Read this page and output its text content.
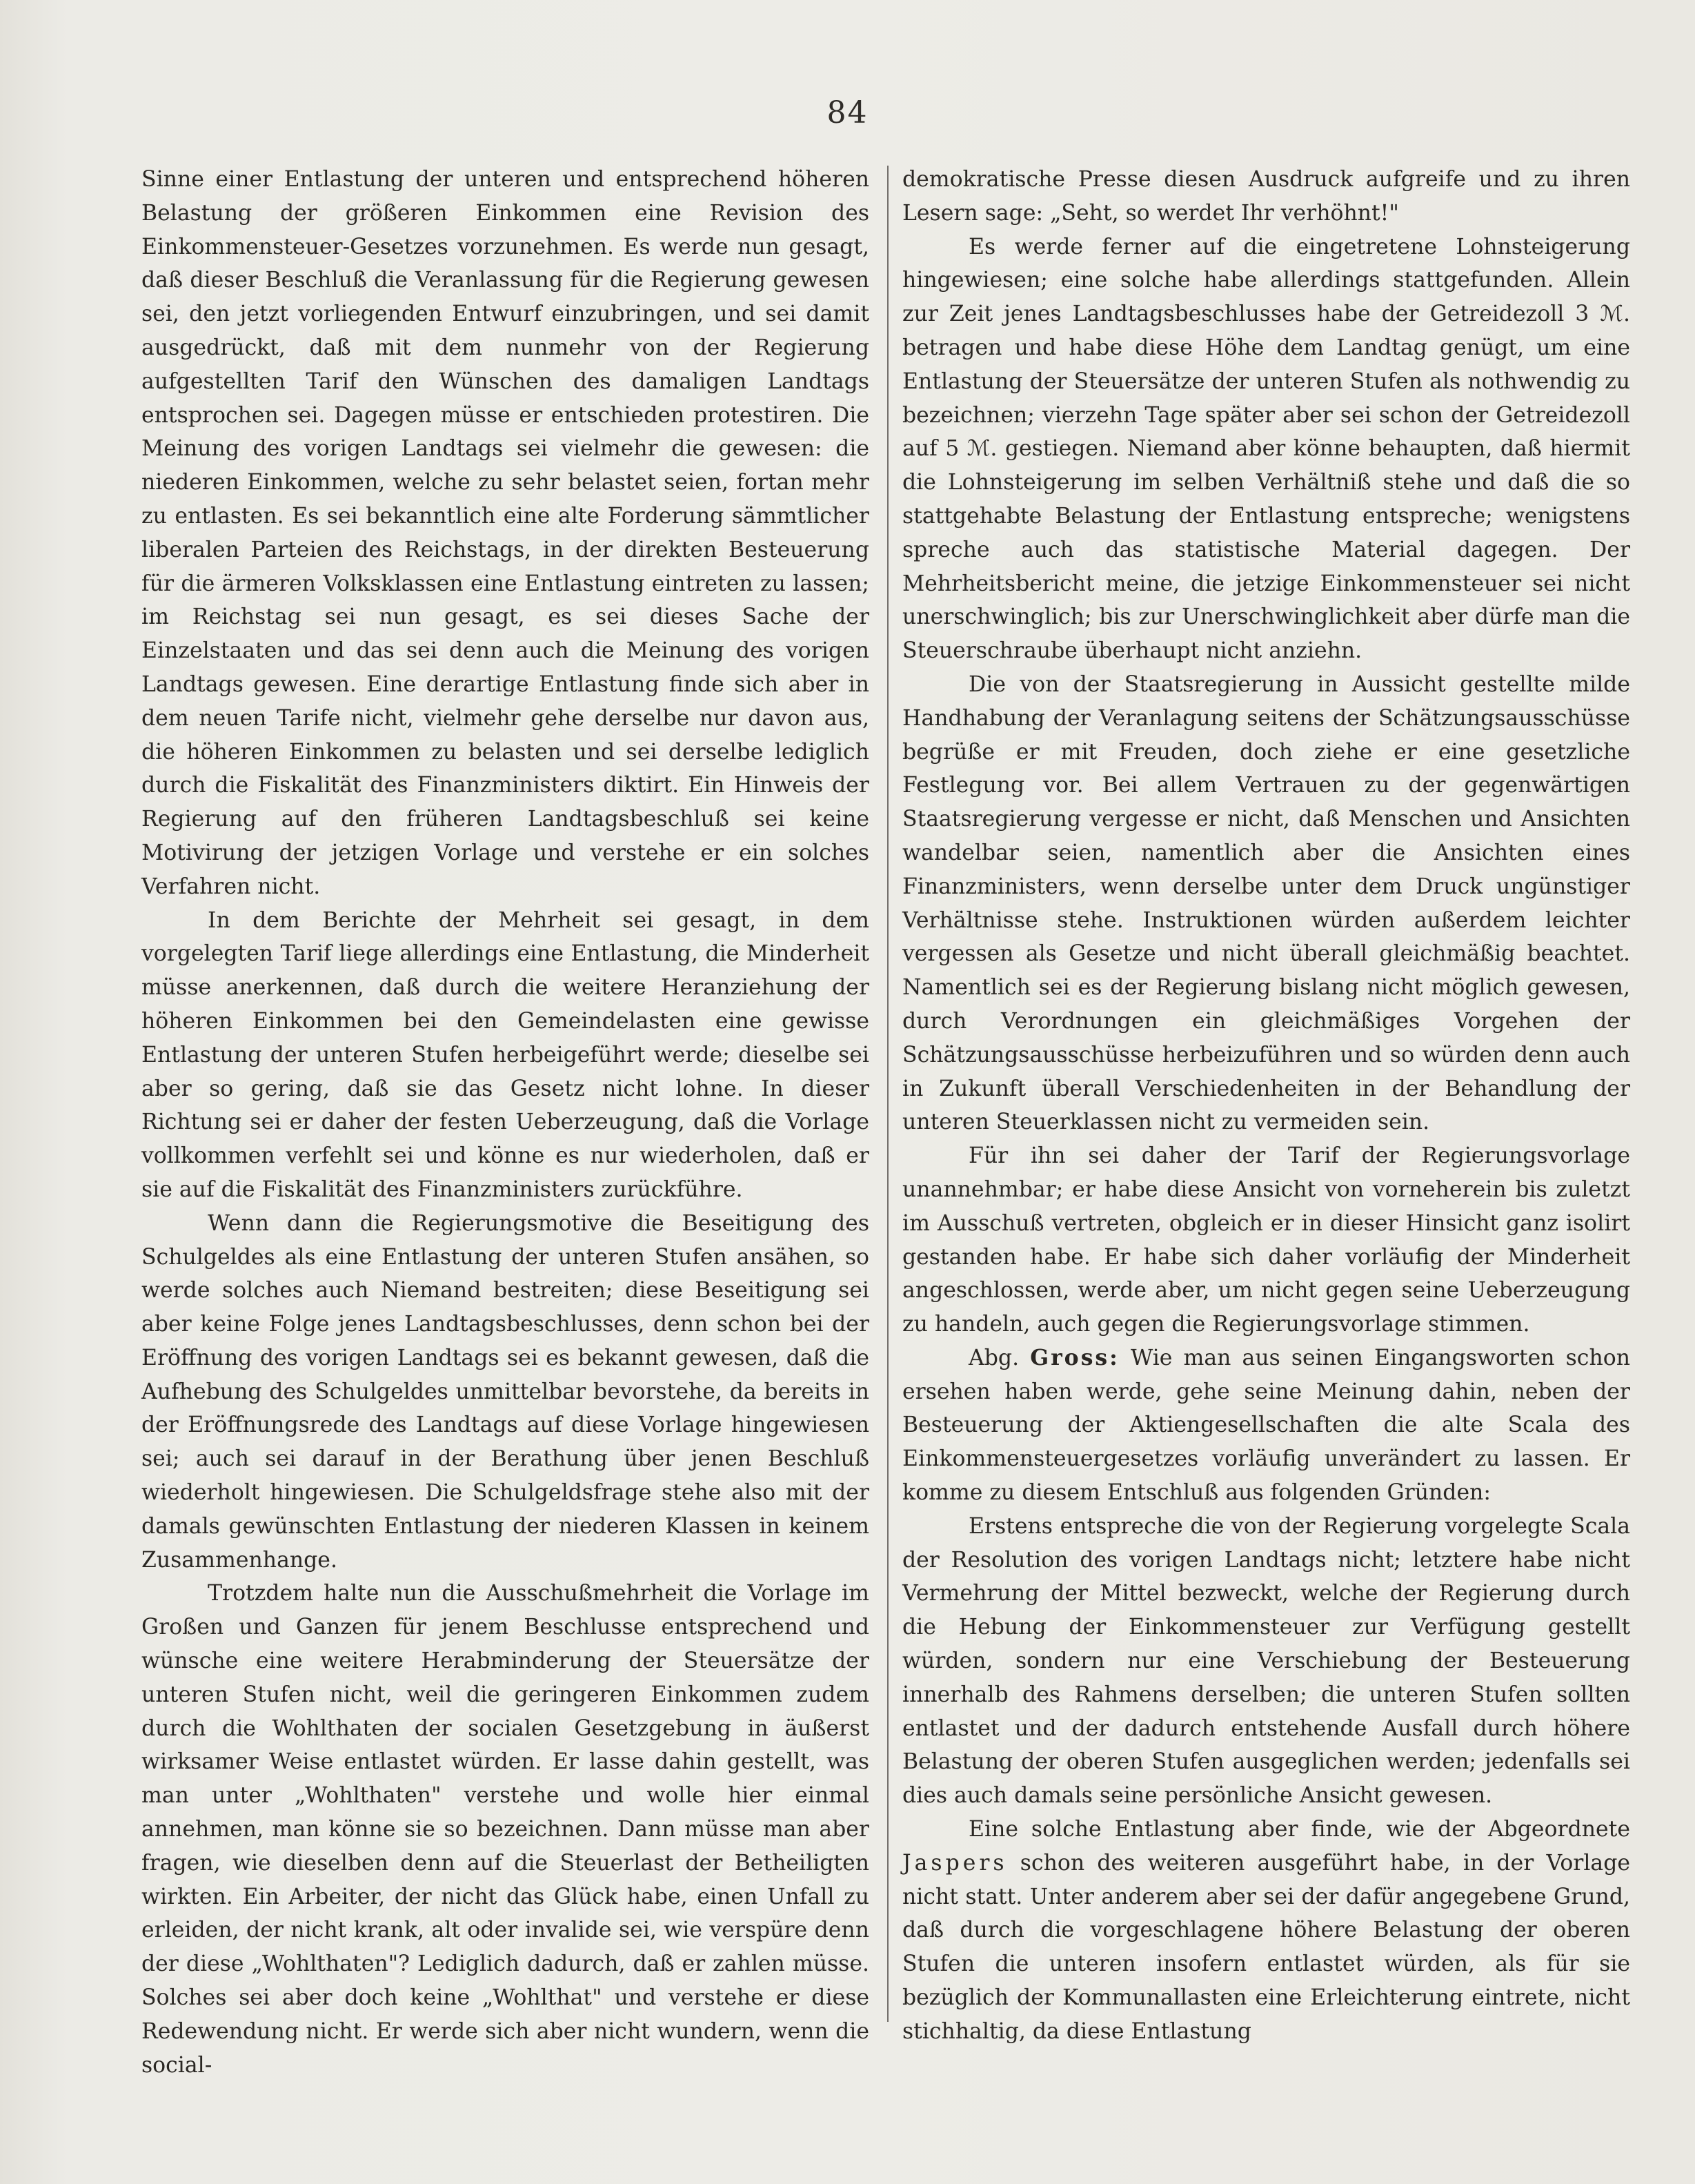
84

Sinne einer Entlastung der unteren und entsprechend höheren Belastung der größeren Einkommen eine Revision des Einkommensteuer-Gesetzes vorzunehmen. Es werde nun gesagt, daß dieser Beschluß die Veranlassung für die Regierung gewesen sei, den jetzt vorliegenden Entwurf einzubringen, und sei damit ausgedrückt, daß mit dem nunmehr von der Regierung aufgestellten Tarif den Wünschen des damaligen Landtags entsprochen sei. Dagegen müsse er entschieden protestiren. Die Meinung des vorigen Landtags sei vielmehr die gewesen: die niederen Einkommen, welche zu sehr belastet seien, fortan mehr zu entlasten. Es sei bekanntlich eine alte Forderung sämmtlicher liberalen Parteien des Reichstags, in der direkten Besteuerung für die ärmeren Volksklassen eine Entlastung eintreten zu lassen; im Reichstag sei nun gesagt, es sei dieses Sache der Einzelstaaten und das sei denn auch die Meinung des vorigen Landtags gewesen. Eine derartige Entlastung finde sich aber in dem neuen Tarife nicht, vielmehr gehe derselbe nur davon aus, die höheren Einkommen zu belasten und sei derselbe lediglich durch die Fiskalität des Finanzministers diktirt. Ein Hinweis der Regierung auf den früheren Landtagsbeschluß sei keine Motivirung der jetzigen Vorlage und verstehe er ein solches Verfahren nicht.

In dem Berichte der Mehrheit sei gesagt, in dem vorgelegten Tarif liege allerdings eine Entlastung, die Minderheit müsse anerkennen, daß durch die weitere Heranziehung der höheren Einkommen bei den Gemeindelasten eine gewisse Entlastung der unteren Stufen herbeigeführt werde; dieselbe sei aber so gering, daß sie das Gesetz nicht lohne. In dieser Richtung sei er daher der festen Ueberzeugung, daß die Vorlage vollkommen verfehlt sei und könne es nur wiederholen, daß er sie auf die Fiskalität des Finanzministers zurückführe.

Wenn dann die Regierungsmotive die Beseitigung des Schulgeldes als eine Entlastung der unteren Stufen ansähen, so werde solches auch Niemand bestreiten; diese Beseitigung sei aber keine Folge jenes Landtagsbeschlusses, denn schon bei der Eröffnung des vorigen Landtags sei es bekannt gewesen, daß die Aufhebung des Schulgeldes unmittelbar bevorstehe, da bereits in der Eröffnungsrede des Landtags auf diese Vorlage hingewiesen sei; auch sei darauf in der Berathung über jenen Beschluß wiederholt hingewiesen. Die Schulgeldsfrage stehe also mit der damals gewünschten Entlastung der niederen Klassen in keinem Zusammenhange.

Trotzdem halte nun die Ausschußmehrheit die Vorlage im Großen und Ganzen für jenem Beschlusse entsprechend und wünsche eine weitere Herabminderung der Steuersätze der unteren Stufen nicht, weil die geringeren Einkommen zudem durch die Wohlthaten der socialen Gesetzgebung in äußerst wirksamer Weise entlastet würden. Er lasse dahin gestellt, was man unter „Wohlthaten" verstehe und wolle hier einmal annehmen, man könne sie so bezeichnen. Dann müsse man aber fragen, wie dieselben denn auf die Steuerlast der Betheiligten wirkten. Ein Arbeiter, der nicht das Glück habe, einen Unfall zu erleiden, der nicht krank, alt oder invalide sei, wie verspüre denn der diese „Wohlthaten"? Lediglich dadurch, daß er zahlen müsse. Solches sei aber doch keine „Wohlthat" und verstehe er diese Redewendung nicht. Er werde sich aber nicht wundern, wenn die social-

demokratische Presse diesen Ausdruck aufgreife und zu ihren Lesern sage: „Seht, so werdet Ihr verhöhnt!"

Es werde ferner auf die eingetretene Lohnsteigerung hingewiesen; eine solche habe allerdings stattgefunden. Allein zur Zeit jenes Landtagsbeschlusses habe der Getreidezoll 3 ℳ. betragen und habe diese Höhe dem Landtag genügt, um eine Entlastung der Steuersätze der unteren Stufen als nothwendig zu bezeichnen; vierzehn Tage später aber sei schon der Getreidezoll auf 5 ℳ. gestiegen. Niemand aber könne behaupten, daß hiermit die Lohnsteigerung im selben Verhältniß stehe und daß die so stattgehabte Belastung der Entlastung entspreche; wenigstens spreche auch das statistische Material dagegen. Der Mehrheitsbericht meine, die jetzige Einkommensteuer sei nicht unerschwinglich; bis zur Unerschwinglichkeit aber dürfe man die Steuerschraube überhaupt nicht anziehn.

Die von der Staatsregierung in Aussicht gestellte milde Handhabung der Veranlagung seitens der Schätzungsausschüsse begrüße er mit Freuden, doch ziehe er eine gesetzliche Festlegung vor. Bei allem Vertrauen zu der gegenwärtigen Staatsregierung vergesse er nicht, daß Menschen und Ansichten wandelbar seien, namentlich aber die Ansichten eines Finanzministers, wenn derselbe unter dem Druck ungünstiger Verhältnisse stehe. Instruktionen würden außerdem leichter vergessen als Gesetze und nicht überall gleichmäßig beachtet. Namentlich sei es der Regierung bislang nicht möglich gewesen, durch Verordnungen ein gleichmäßiges Vorgehen der Schätzungsausschüsse herbeizuführen und so würden denn auch in Zukunft überall Verschiedenheiten in der Behandlung der unteren Steuerklassen nicht zu vermeiden sein.

Für ihn sei daher der Tarif der Regierungsvorlage unannehmbar; er habe diese Ansicht von vorneherein bis zuletzt im Ausschuß vertreten, obgleich er in dieser Hinsicht ganz isolirt gestanden habe. Er habe sich daher vorläufig der Minderheit angeschlossen, werde aber, um nicht gegen seine Ueberzeugung zu handeln, auch gegen die Regierungsvorlage stimmen.

Abg. Gross: Wie man aus seinen Eingangsworten schon ersehen haben werde, gehe seine Meinung dahin, neben der Besteuerung der Aktiengesellschaften die alte Scala des Einkommensteuergesetzes vorläufig unverändert zu lassen. Er komme zu diesem Entschluß aus folgenden Gründen:

Erstens entspreche die von der Regierung vorgelegte Scala der Resolution des vorigen Landtags nicht; letztere habe nicht Vermehrung der Mittel bezweckt, welche der Regierung durch die Hebung der Einkommensteuer zur Verfügung gestellt würden, sondern nur eine Verschiebung der Besteuerung innerhalb des Rahmens derselben; die unteren Stufen sollten entlastet und der dadurch entstehende Ausfall durch höhere Belastung der oberen Stufen ausgeglichen werden; jedenfalls sei dies auch damals seine persönliche Ansicht gewesen.

Eine solche Entlastung aber finde, wie der Abgeordnete Jaspers schon des weiteren ausgeführt habe, in der Vorlage nicht statt. Unter anderem aber sei der dafür angegebene Grund, daß durch die vorgeschlagene höhere Belastung der oberen Stufen die unteren insofern entlastet würden, als für sie bezüglich der Kommunallasten eine Erleichterung eintrete, nicht stichhaltig, da diese Entlastung
